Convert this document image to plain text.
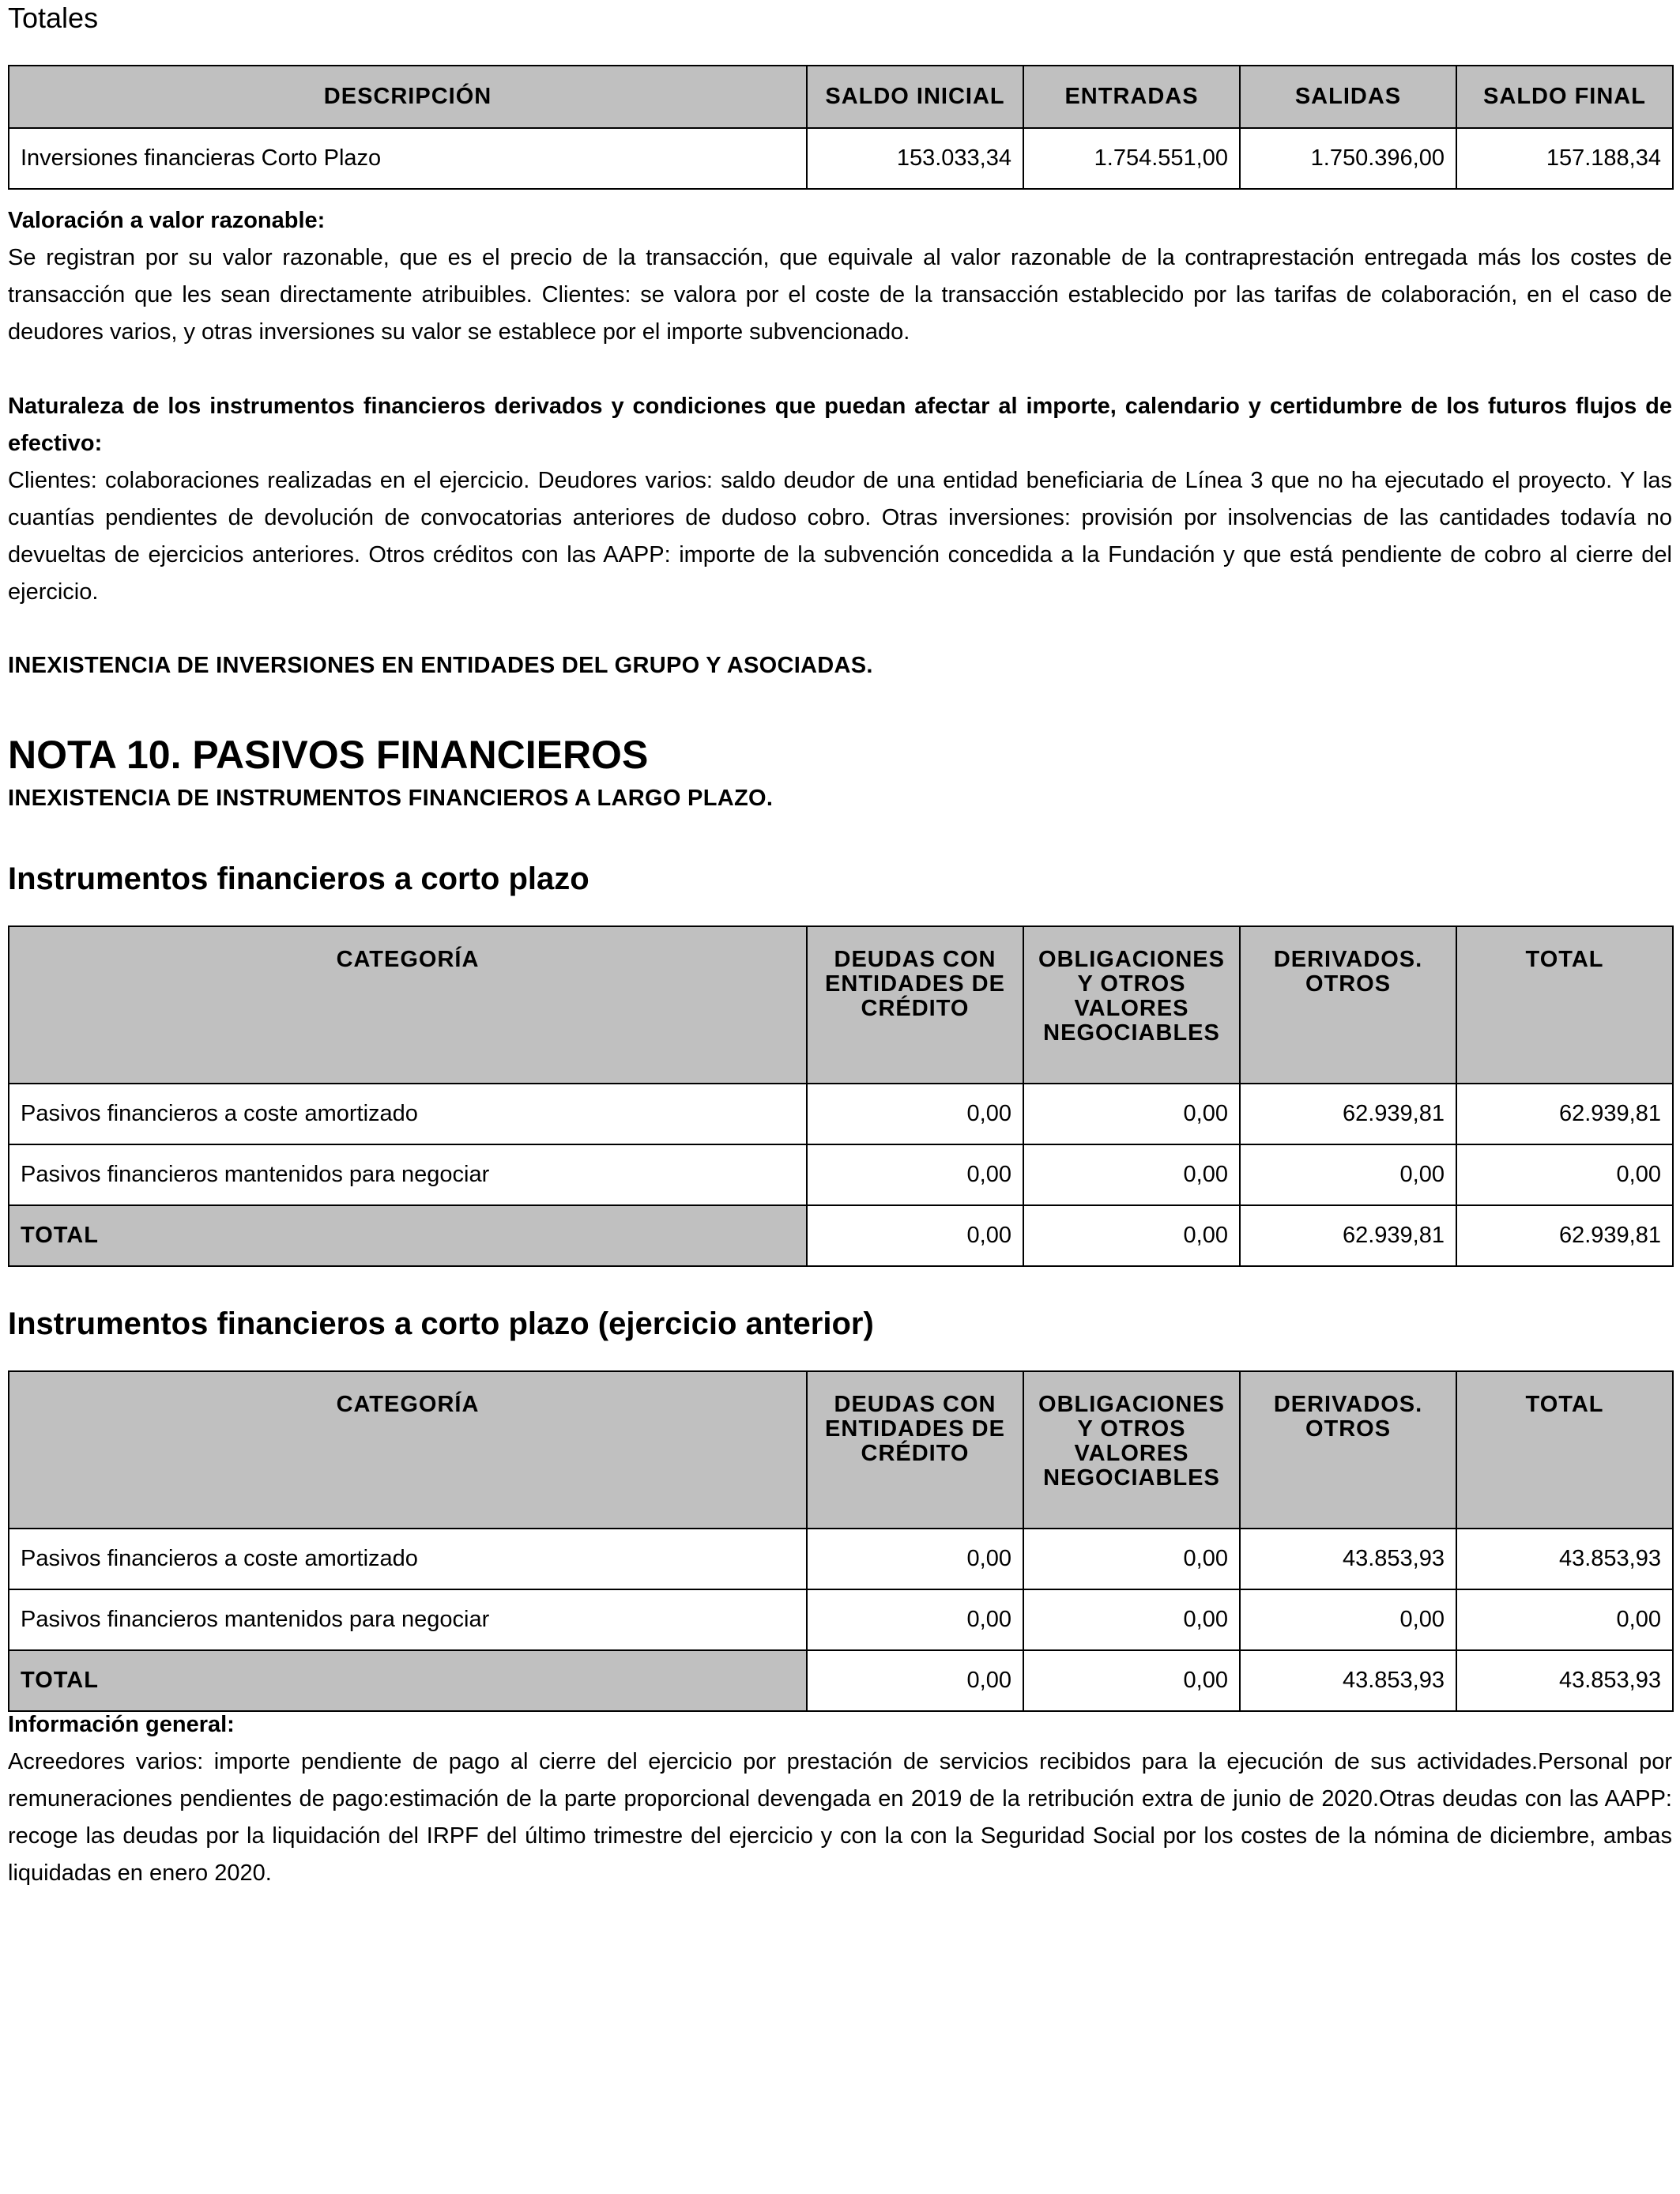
Totales
DESCRIPCIÓN	SALDO INICIAL	ENTRADAS	SALIDAS	SALDO FINAL
Inversiones financieras Corto Plazo	153.033,34	1.754.551,00	1.750.396,00	157.188,34

Valoración a valor razonable:

Se registran por su valor razonable, que es el precio de la transacción, que equivale al valor razonable de la contraprestación entregada más los costes de transacción que les sean directamente atribuibles. Clientes: se valora por el coste de la transacción establecido por las tarifas de colaboración, en el caso de deudores varios, y otras inversiones su valor se establece por el importe subvencionado.

Naturaleza de los instrumentos financieros derivados y condiciones que puedan afectar al importe, calendario y certidumbre de los futuros flujos de efectivo:

Clientes: colaboraciones realizadas en el ejercicio. Deudores varios: saldo deudor de una entidad beneficiaria de Línea 3 que no ha ejecutado el proyecto. Y las cuantías pendientes de devolución de convocatorias anteriores de dudoso cobro. Otras inversiones: provisión por insolvencias de las cantidades todavía no devueltas de ejercicios anteriores. Otros créditos con las AAPP: importe de la subvención concedida a la Fundación y que está pendiente de cobro al cierre del ejercicio.

INEXISTENCIA DE INVERSIONES EN ENTIDADES DEL GRUPO Y ASOCIADAS.
NOTA 10. PASIVOS FINANCIEROS
INEXISTENCIA DE INSTRUMENTOS FINANCIEROS A LARGO PLAZO.
Instrumentos financieros a corto plazo
CATEGORÍA	DEUDAS CON ENTIDADES DE CRÉDITO	OBLIGACIONES Y OTROS VALORES NEGOCIABLES	DERIVADOS. OTROS	TOTAL
Pasivos financieros a coste amortizado	0,00	0,00	62.939,81	62.939,81
Pasivos financieros mantenidos para negociar	0,00	0,00	0,00	0,00
TOTAL	0,00	0,00	62.939,81	62.939,81
Instrumentos financieros a corto plazo (ejercicio anterior)
CATEGORÍA	DEUDAS CON ENTIDADES DE CRÉDITO	OBLIGACIONES Y OTROS VALORES NEGOCIABLES	DERIVADOS. OTROS	TOTAL
Pasivos financieros a coste amortizado	0,00	0,00	43.853,93	43.853,93
Pasivos financieros mantenidos para negociar	0,00	0,00	0,00	0,00
TOTAL	0,00	0,00	43.853,93	43.853,93

Información general:

Acreedores varios: importe pendiente de pago al cierre del ejercicio por prestación de servicios recibidos para la ejecución de sus actividades.Personal por remuneraciones pendientes de pago:estimación de la parte proporcional devengada en 2019 de la retribución extra de junio de 2020.Otras deudas con las AAPP: recoge las deudas por la liquidación del IRPF del último trimestre del ejercicio y con la con la Seguridad Social por los costes de la nómina de diciembre, ambas liquidadas en enero 2020.
